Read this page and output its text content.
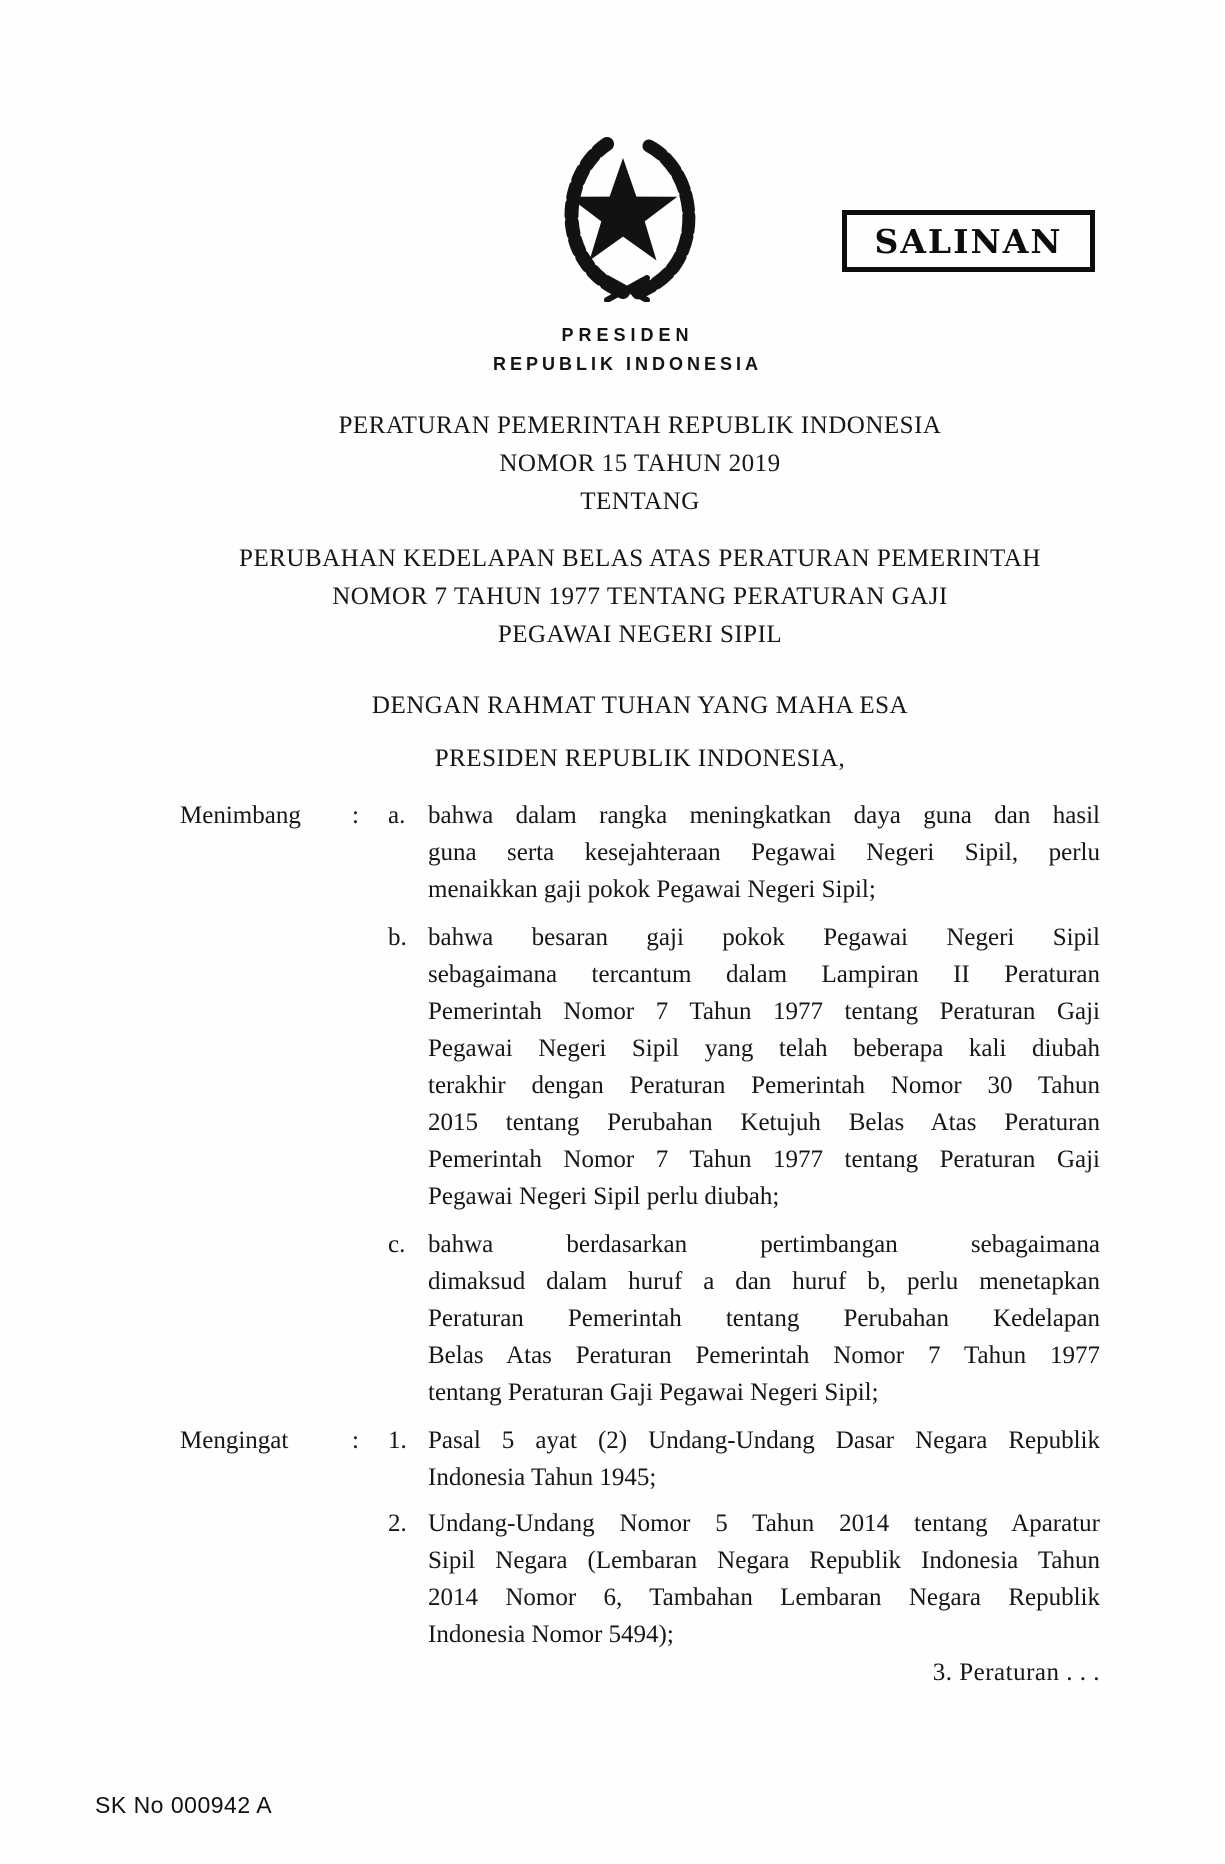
SALINAN
PRESIDEN
REPUBLIK INDONESIA
PERATURAN PEMERINTAH REPUBLIK INDONESIA
NOMOR 15 TAHUN 2019
TENTANG
PERUBAHAN KEDELAPAN BELAS ATAS PERATURAN PEMERINTAH
NOMOR 7 TAHUN 1977 TENTANG PERATURAN GAJI
PEGAWAI NEGERI SIPIL
DENGAN RAHMAT TUHAN YANG MAHA ESA
PRESIDEN REPUBLIK INDONESIA,
Menimbang : a. bahwa dalam rangka meningkatkan daya guna dan hasil
guna serta kesejahteraan Pegawai Negeri Sipil, perlu
menaikkan gaji pokok Pegawai Negeri Sipil;
b. bahwa besaran gaji pokok Pegawai Negeri Sipil
sebagaimana tercantum dalam Lampiran II Peraturan
Pemerintah Nomor 7 Tahun 1977 tentang Peraturan Gaji
Pegawai Negeri Sipil yang telah beberapa kali diubah
terakhir dengan Peraturan Pemerintah Nomor 30 Tahun
2015 tentang Perubahan Ketujuh Belas Atas Peraturan
Pemerintah Nomor 7 Tahun 1977 tentang Peraturan Gaji
Pegawai Negeri Sipil perlu diubah;
c. bahwa berdasarkan pertimbangan sebagaimana
dimaksud dalam huruf a dan huruf b, perlu menetapkan
Peraturan Pemerintah tentang Perubahan Kedelapan
Belas Atas Peraturan Pemerintah Nomor 7 Tahun 1977
tentang Peraturan Gaji Pegawai Negeri Sipil;
Mengingat	: 1. Pasal 5 ayat (2) Undang-Undang Dasar Negara Republik
Indonesia Tahun 1945;
2. Undang-Undang Nomor 5 Tahun 2014 tentang Aparatur
Sipil Negara (Lembaran Negara Republik Indonesia Tahun
2014 Nomor 6, Tambahan Lembaran Negara Republik
Indonesia Nomor 5494);
3. Peraturan . . .
SK No 000942 A
